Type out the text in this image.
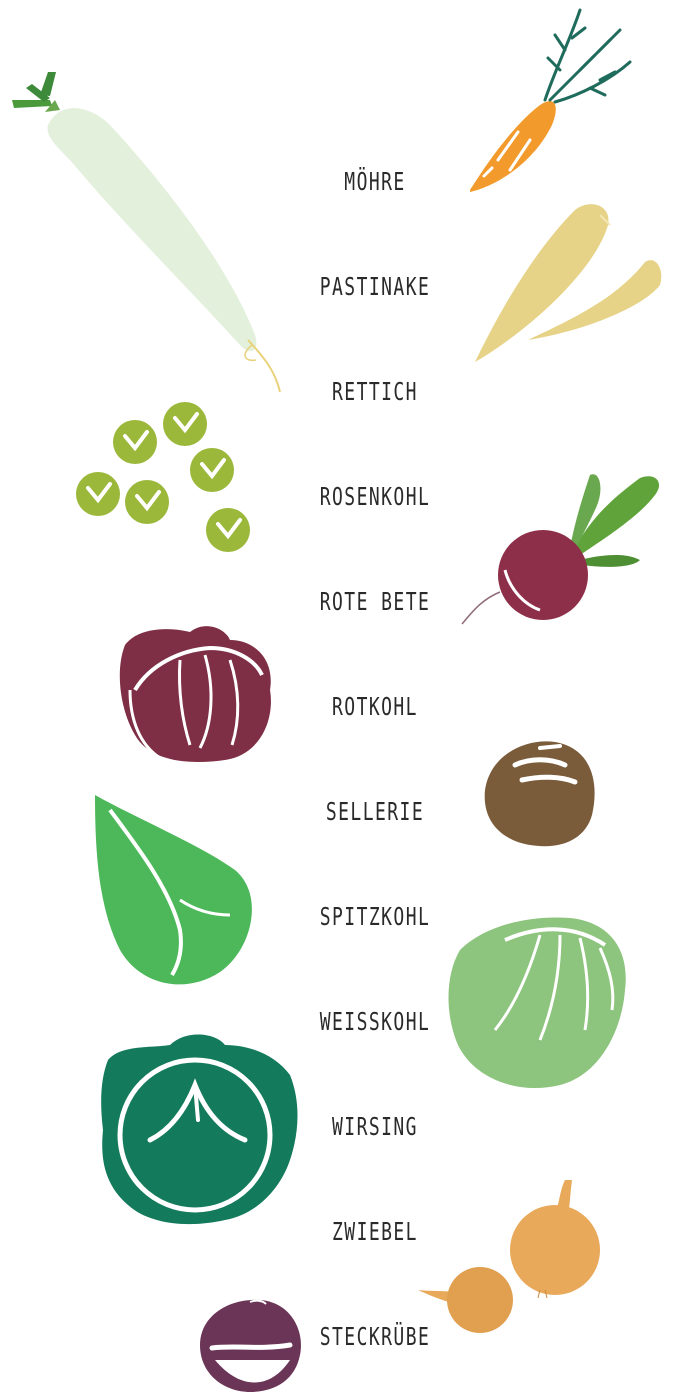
MÖHRE
PASTINAKE
RETTICH
ROSENKOHL
ROTE BETE
ROTKOHL
SELLERIE
SPITZKOHL
WEISSKOHL
WIRSING
ZWIEBEL
STECKRÜBE
